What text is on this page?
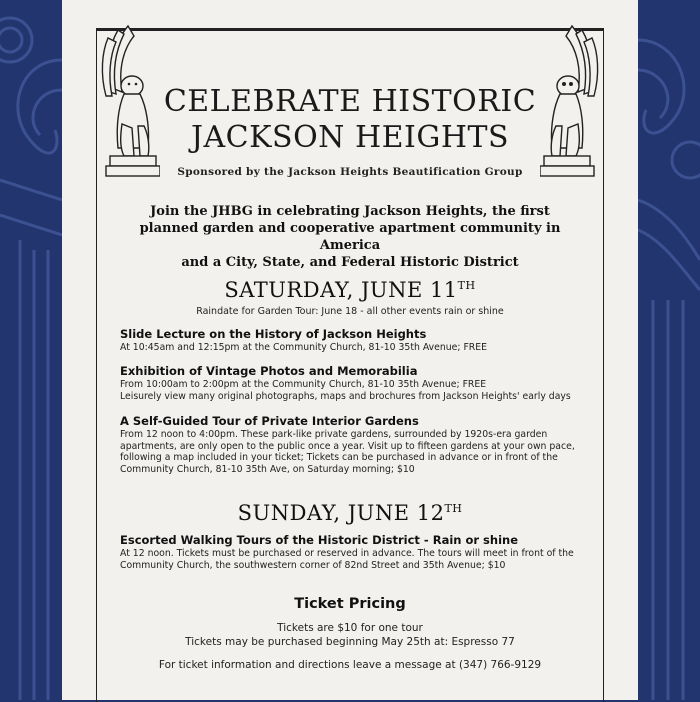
CELEBRATE HISTORIC
JACKSON HEIGHTS
Sponsored by the Jackson Heights Beautification Group
Join the JHBG in celebrating Jackson Heights, the first
planned garden and cooperative apartment community in America
and a City, State, and Federal Historic District
SATURDAY, JUNE 11TH
Raindate for Garden Tour: June 18 - all other events rain or shine
Slide Lecture on the History of Jackson Heights

At 10:45am and 12:15pm at the Community Church, 81-10 35th Avenue; FREE

Exhibition of Vintage Photos and Memorabilia

From 10:00am to 2:00pm at the Community Church, 81-10 35th Avenue; FREE

Leisurely view many original photographs, maps and brochures from Jackson Heights' early days

A Self-Guided Tour of Private Interior Gardens

From 12 noon to 4:00pm. These park-like private gardens, surrounded by 1920s-era garden

apartments, are only open to the public once a year. Visit up to fifteen gardens at your own pace,

following a map included in your ticket; Tickets can be purchased in advance or in front of the

Community Church, 81-10 35th Ave, on Saturday morning; $10

SUNDAY, JUNE 12TH
Escorted Walking Tours of the Historic District - Rain or shine

At 12 noon. Tickets must be purchased or reserved in advance. The tours will meet in front of the

Community Church, the southwestern corner of 82nd Street and 35th Avenue; $10

Ticket Pricing
Tickets are $10 for one tour
Tickets may be purchased beginning May 25th at: Espresso 77
For ticket information and directions leave a message at (347) 766-9129
